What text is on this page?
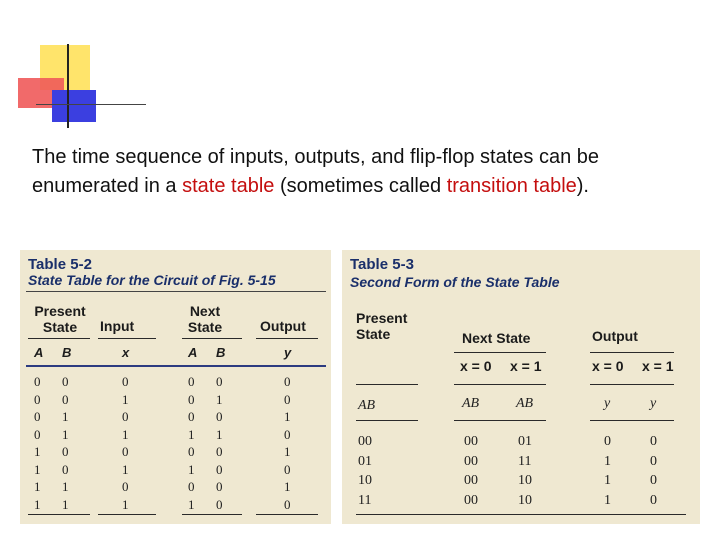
The time sequence of inputs, outputs, and flip-flop states can be enumerated in a state table (sometimes called transition table).
Table 5-2
State Table for the Circuit of Fig. 5-15
Present State	Input
Next State	Output
A B	x	A B	y
0 0	0	0 0	0
0 0	1	0 1	0
0 1	0	0 0	1
0 1	1	1 1	0
1 0	0	0 0	1
1 0	1	1 0	0
1 1	0	0 0	1
1 1	1	1 0	0
Table 5-3
Second Form of the State Table
Present State	Next State	Output
x = 0 x = 1	x = 0 x = 1
AB	AB	AB	y	y
00	00	01	0	0
01	00	11	1	0
10	00	10	1	0
11	00	10	1	0
